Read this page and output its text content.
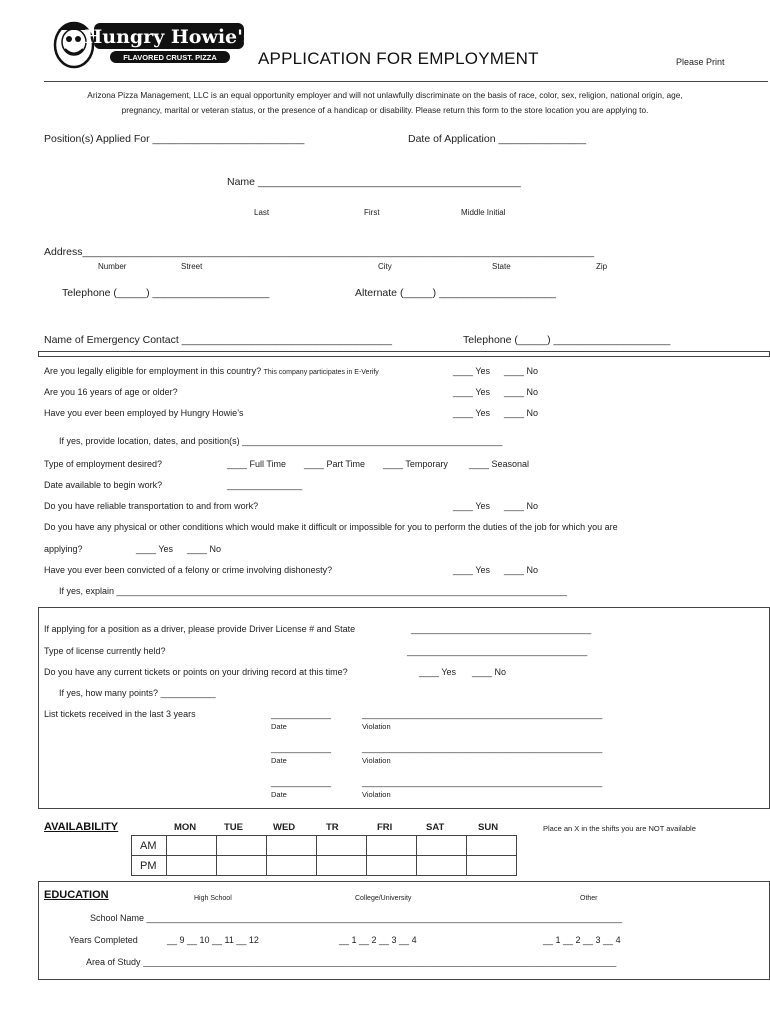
Hungry Howie's
FLAVORED CRUST. PIZZA APPLICATION FOR EMPLOYMENT	Please Print
Arizona Pizza Management, LLC is an equal opportunity employer and will not unlawfully discriminate on the basis of race, color, sex, religion, national origin, age,
pregnancy, marital or veteran status, or the presence of a handicap or disability. Please return this form to the store location you are applying to.
Position(s) Applied For __________________________	Date of Application _______________
Name _____________________________________________
Last	First	Middle Initial
Address____________________________________________________________________________________________
Number	Street	City	State	Zip
Telephone (_____) ____________________	Alternate (_____) ____________________
Name of Emergency Contact ____________________________________	Telephone (_____) ____________________
Are you legally eligible for employment in this country? This company participates in E-Verify	____ Yes ____ No
Are you 16 years of age or older?	____ Yes ____ No
Have you ever been employed by Hungry Howie’s	____ Yes ____ No
If yes, provide location, dates, and position(s) ____________________________________________________
Type of employment desired?	____ Full Time ____ Part Time ____ Temporary ____ Seasonal
Date available to begin work?	_______________
Do you have reliable transportation to and from work?	____ Yes ____ No
Do you have any physical or other conditions which would make it difficult or impossible for you to perform the duties of the job for which you are
applying?	____ Yes ____ No
Have you ever been convicted of a felony or crime involving dishonesty?	____ Yes ____ No
If yes, explain __________________________________________________________________________________________
If applying for a position as a driver, please provide Driver License # and State	____________________________________
Type of license currently held?	____________________________________
Do you have any current tickets or points on your driving record at this time?	____ Yes ____ No
If yes, how many points? ___________
List tickets received in the last 3 years	____________	________________________________________________
Date	Violation
____________	________________________________________________
Date	Violation
____________	________________________________________________
Date	Violation
AVAILABILITY	MON	TUE	WED	TR	FRI	SAT	SUN	Place an X in the shifts you are NOT available
AM							
PM							
EDUCATION	High School	College/University	Other
School Name _______________________________________________________________________________________________
Years Completed	__ 9 __ 10 __ 11 __ 12	__ 1 __ 2 __ 3 __ 4	__ 1 __ 2 __ 3 __ 4
Area of Study ___________________________________________________________________________________________________
